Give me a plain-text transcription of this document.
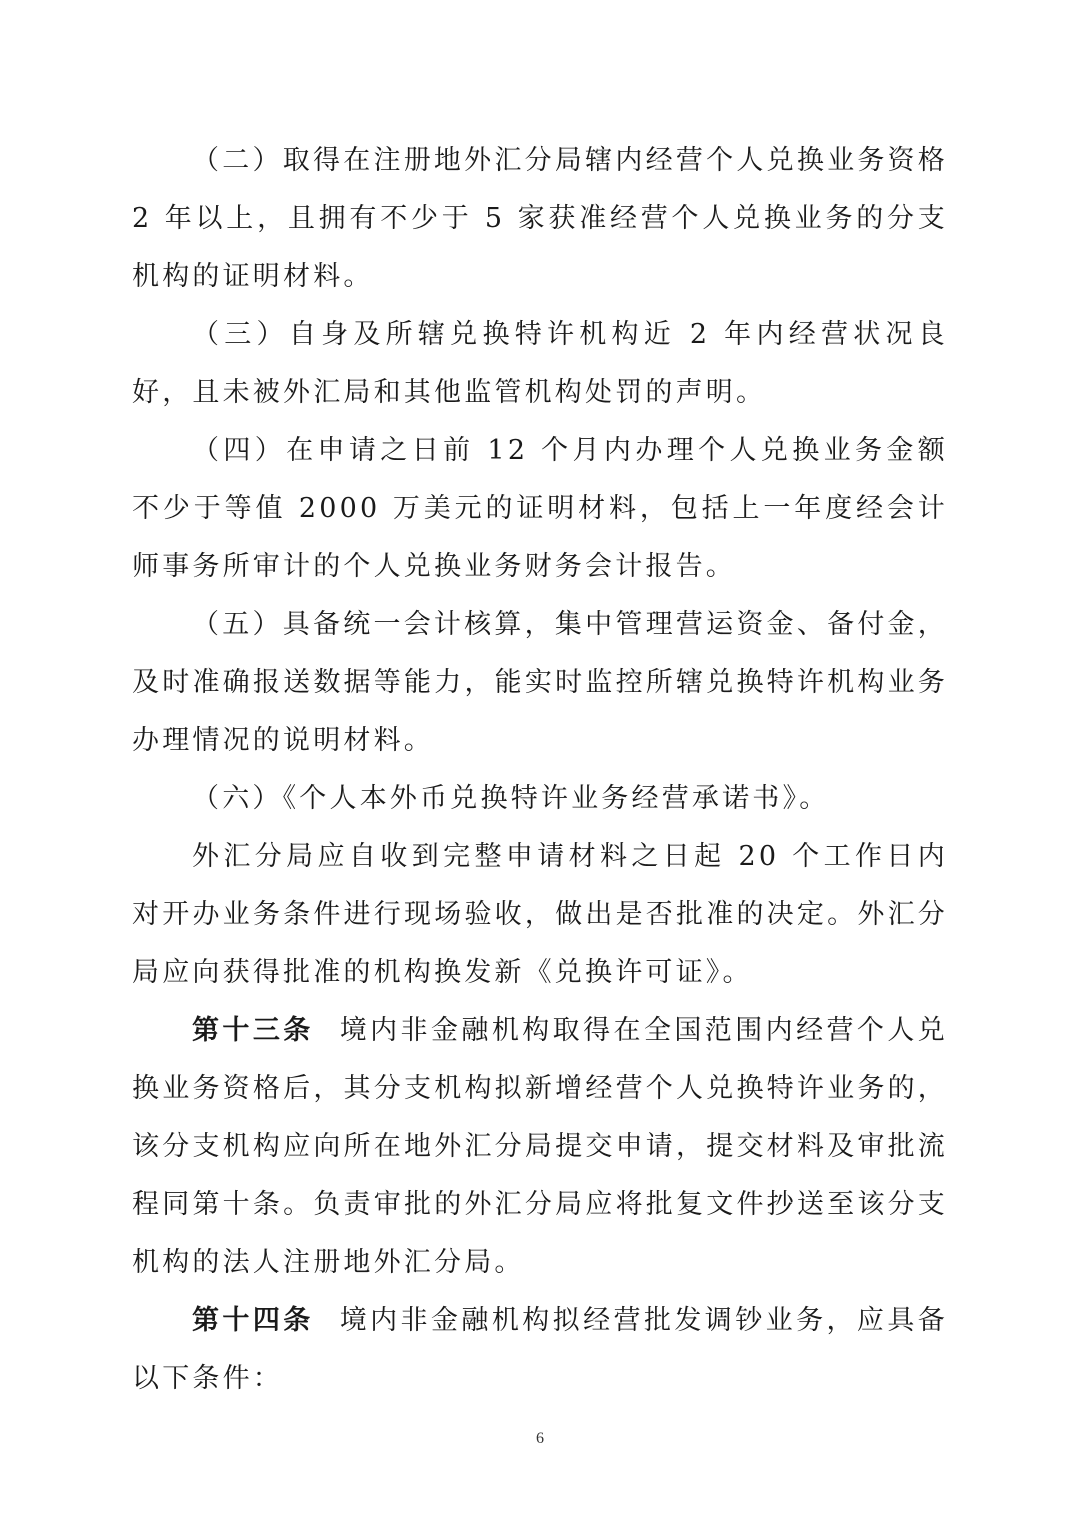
（二）取得在注册地外汇分局辖内经营个人兑换业务资格 2 年以上，且拥有不少于 5 家获准经营个人兑换业务的分支机构的证明材料。

（三）自身及所辖兑换特许机构近 2 年内经营状况良好，且未被外汇局和其他监管机构处罚的声明。

（四）在申请之日前 12 个月内办理个人兑换业务金额不少于等值 2000 万美元的证明材料，包括上一年度经会计师事务所审计的个人兑换业务财务会计报告。

（五）具备统一会计核算，集中管理营运资金、备付金，及时准确报送数据等能力，能实时监控所辖兑换特许机构业务办理情况的说明材料。

（六）《个人本外币兑换特许业务经营承诺书》。

外汇分局应自收到完整申请材料之日起 20 个工作日内对开办业务条件进行现场验收，做出是否批准的决定。外汇分局应向获得批准的机构换发新《兑换许可证》。

第十三条 境内非金融机构取得在全国范围内经营个人兑换业务资格后，其分支机构拟新增经营个人兑换特许业务的，该分支机构应向所在地外汇分局提交申请，提交材料及审批流程同第十条。负责审批的外汇分局应将批复文件抄送至该分支机构的法人注册地外汇分局。

第十四条 境内非金融机构拟经营批发调钞业务，应具备以下条件：

6
